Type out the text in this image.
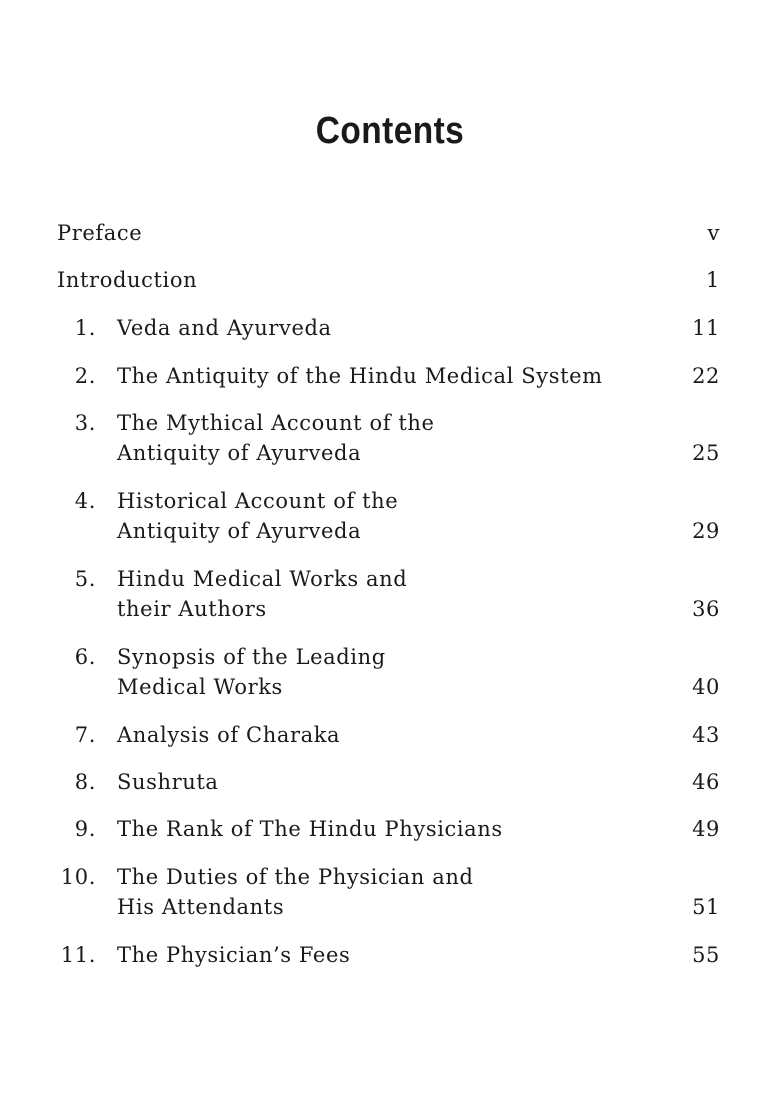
Contents
Preface	v
Introduction	1
1. Veda and Ayurveda	11
2. The Antiquity of the Hindu Medical System	22
3. The Mythical Account of the
Antiquity of Ayurveda	25
4. Historical Account of the
Antiquity of Ayurveda	29
5. Hindu Medical Works and
their Authors	36
6. Synopsis of the Leading
Medical Works	40
7. Analysis of Charaka	43
8. Sushruta	46
9. The Rank of The Hindu Physicians	49
10. The Duties of the Physician and
His Attendants	51
11. The Physician’s Fees	55
